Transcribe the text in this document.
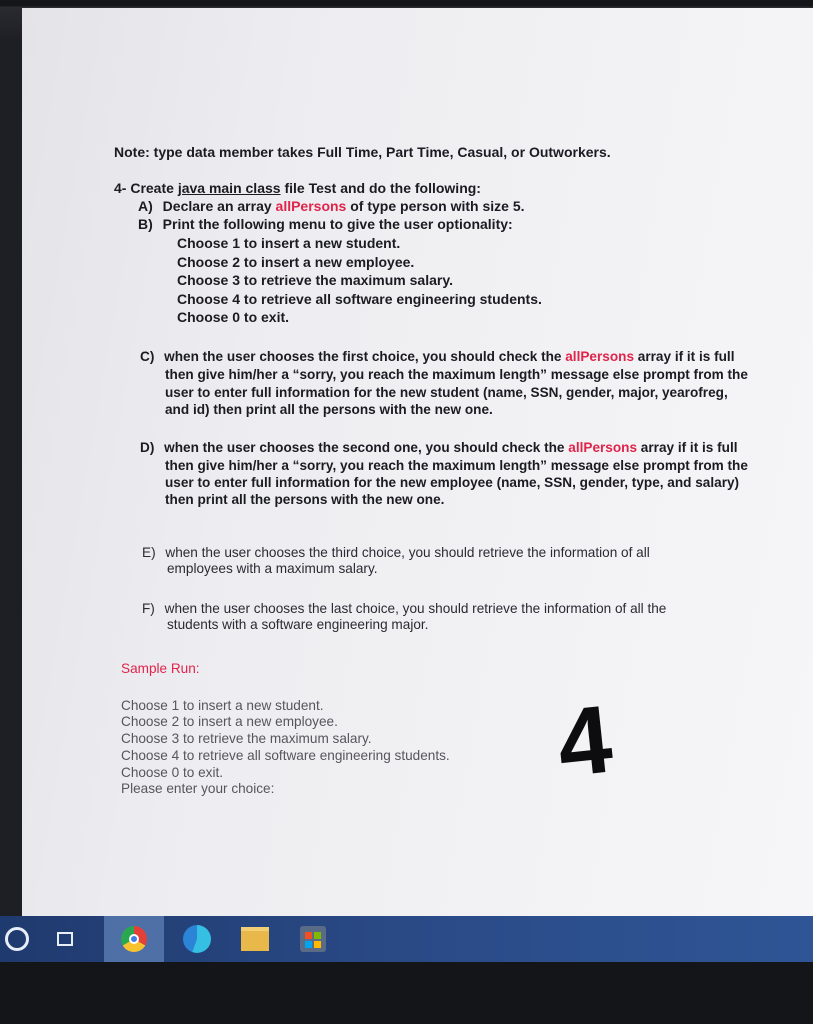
Note: type data member takes Full Time, Part Time, Casual, or Outworkers.
4- Create java main class file Test and do the following:
A) Declare an array allPersons of type person with size 5.
B) Print the following menu to give the user optionality:
Choose 1 to insert a new student.
Choose 2 to insert a new employee.
Choose 3 to retrieve the maximum salary.
Choose 4 to retrieve all software engineering students.
Choose 0 to exit.
C) when the user chooses the first choice, you should check the allPersons array if it is full
then give him/her a “sorry, you reach the maximum length” message else prompt from the
user to enter full information for the new student (name, SSN, gender, major, yearofreg,
and id) then print all the persons with the new one.
D) when the user chooses the second one, you should check the allPersons array if it is full
then give him/her a “sorry, you reach the maximum length” message else prompt from the
user to enter full information for the new employee (name, SSN, gender, type, and salary)
then print all the persons with the new one.
E) when the user chooses the third choice, you should retrieve the information of all
employees with a maximum salary.
F) when the user chooses the last choice, you should retrieve the information of all the
students with a software engineering major.
Sample Run:
Choose 1 to insert a new student.
Choose 2 to insert a new employee.
Choose 3 to retrieve the maximum salary.
Choose 4 to retrieve all software engineering students.
Choose 0 to exit.
Please enter your choice:	4
